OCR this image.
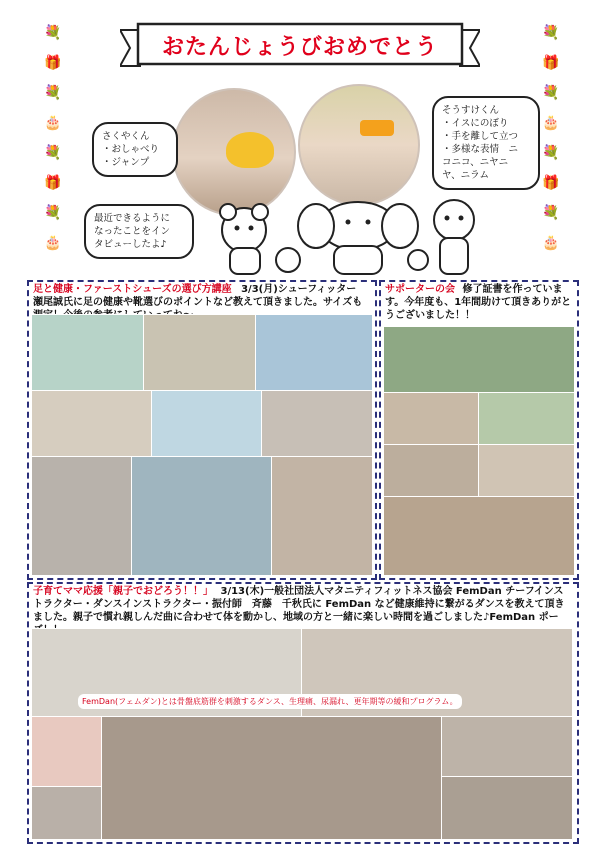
おたんじょうびおめでとう
💐
🎁
💐
🎂
💐
🎁
💐
🎂
💐
🎁
💐
🎂
💐
🎁
💐
🎂
さくやくん
・おしゃべり
・ジャンプ
そうすけくん
・イスにのぼり
・手を離して立つ
・多様な表情　ニ
コニコ、ニヤニ
ヤ、ニラム
最近できるように
なったことをイン
タビューしたよ♪
足と健康・ファーストシューズの選び方講座 3/3(月)シューフィッター
瀬尾誠氏に足の健康や靴選びのポイントなど教えて頂きました。サイズも
サポーターの会 修了証書を作っています。今年度も、1年間助けて頂きありがとうございました！！
子育てママ応援「親子でおどろう！！」 3/13(木)一般社団法人マタニティフィットネス協会 FemDan チーフインストラクター・ダンスインストラクター・振付師　斉藤　千秋氏に FemDan など健康維持に繋がるダンスを教えて頂きました。親子で慣れ親しんだ曲に合わせて体を動かし、地域の方と一緒に楽しい時間を過ごしました♪FemDan ポー
FemDan(フェムダン)とは骨盤底筋群を刺激するダンス、生理痛、尿漏れ、更年期等の緩和プログラム。
